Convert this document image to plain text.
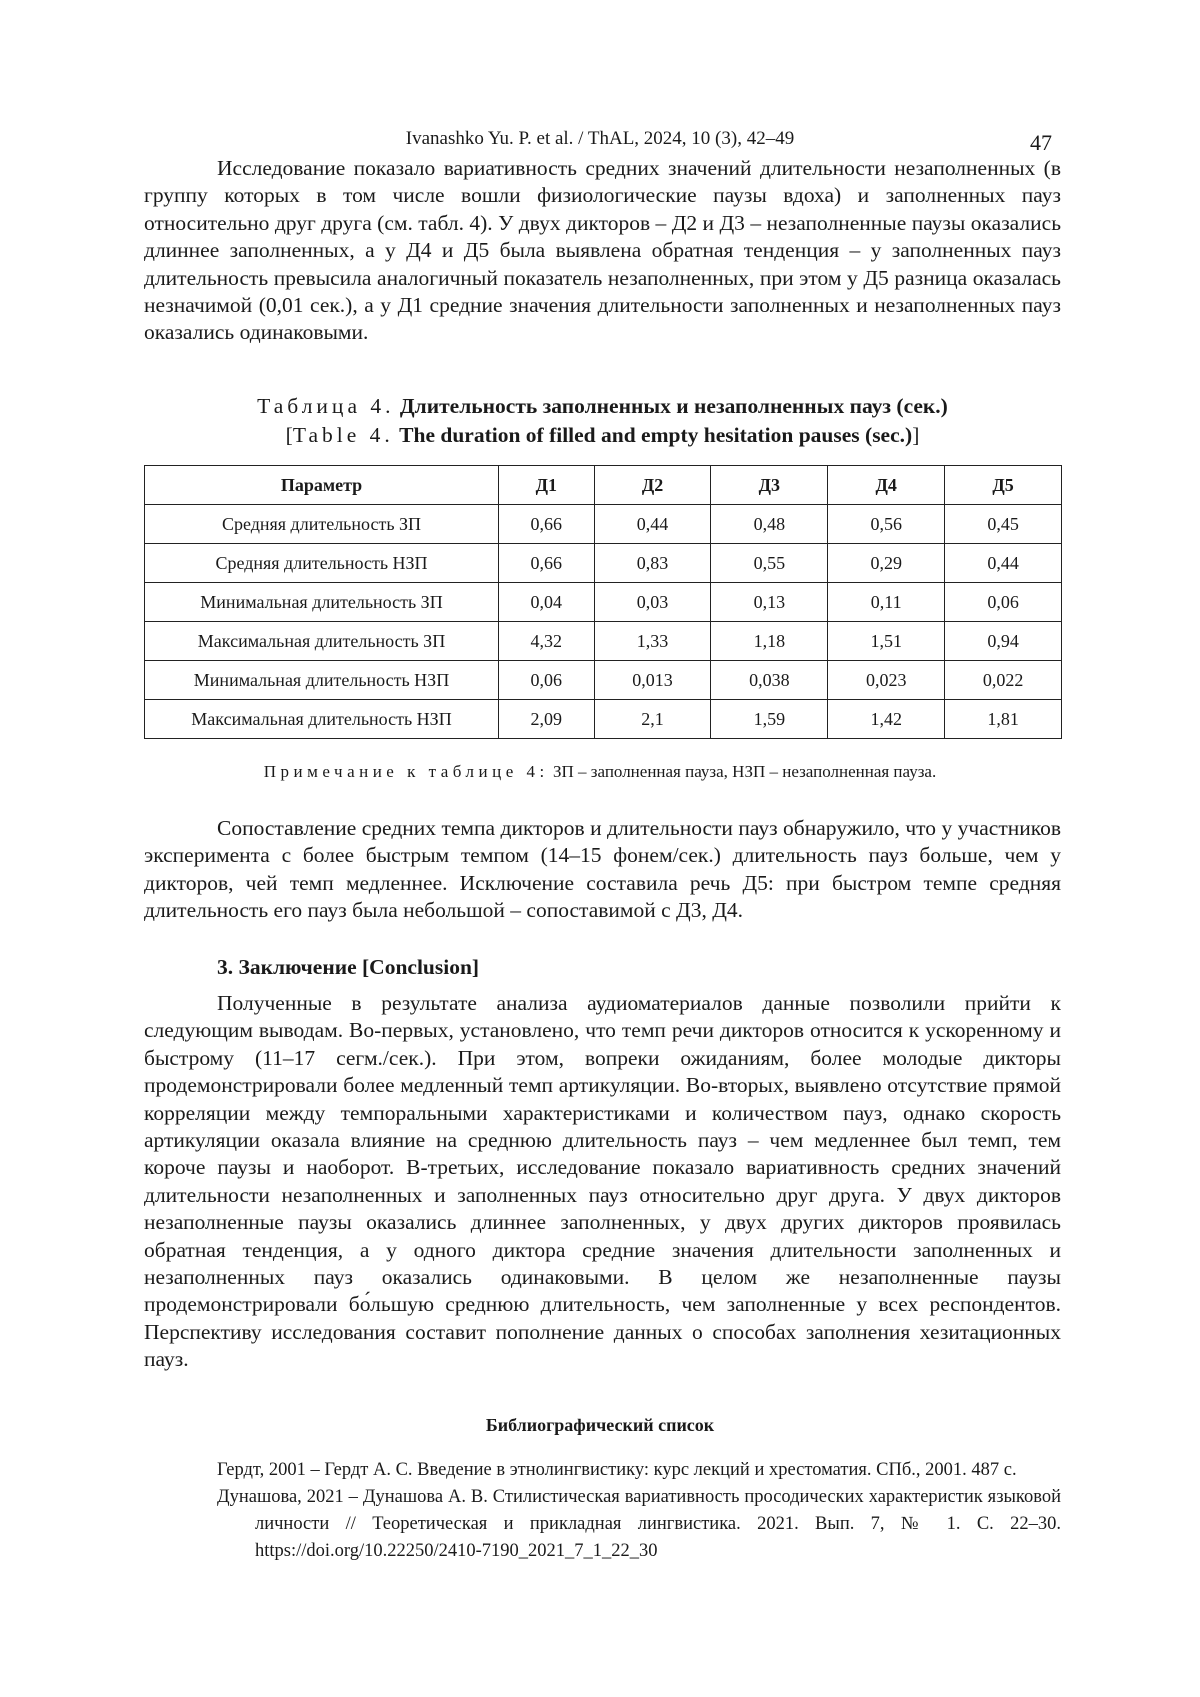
Ivanashko Yu. P. et al. / ThAL, 2024, 10 (3), 42–49	47

Исследование показало вариативность средних значений длительности незаполненных (в группу которых в том числе вошли физиологические паузы вдоха) и заполненных пауз относительно друг друга (см. табл. 4). У двух дикторов – Д2 и Д3 – незаполненные паузы оказались длиннее заполненных, а у Д4 и Д5 была выявлена обратная тенденция – у заполненных пауз длительность превысила аналогичный показатель незаполненных, при этом у Д5 разница оказалась незначимой (0,01 сек.), а у Д1 средние значения длительности заполненных и незаполненных пауз оказались одинаковыми.

Таблица 4. Длительность заполненных и незаполненных пауз (сек.)
[Table 4. The duration of filled and empty hesitation pauses (sec.)]
Параметр	Д1	Д2	Д3	Д4	Д5
Средняя длительность ЗП	0,66	0,44	0,48	0,56	0,45
Средняя длительность НЗП	0,66	0,83	0,55	0,29	0,44
Минимальная длительность ЗП	0,04	0,03	0,13	0,11	0,06
Максимальная длительность ЗП	4,32	1,33	1,18	1,51	0,94
Минимальная длительность НЗП	0,06	0,013	0,038	0,023	0,022
Максимальная длительность НЗП	2,09	2,1	1,59	1,42	1,81
Примечание к таблице 4: ЗП – заполненная пауза, НЗП – незаполненная пауза.

Сопоставление средних темпа дикторов и длительности пауз обнаружило, что у участников эксперимента с более быстрым темпом (14–15 фонем/сек.) длительность пауз больше, чем у дикторов, чей темп медленнее. Исключение составила речь Д5: при быстром темпе средняя длительность его пауз была небольшой – сопоставимой с Д3, Д4.

3. Заключение [Conclusion]

Полученные в результате анализа аудиоматериалов данные позволили прийти к следующим выводам. Во-первых, установлено, что темп речи дикторов относится к ускоренному и быстрому (11–17 сегм./сек.). При этом, вопреки ожиданиям, более молодые дикторы продемонстрировали более медленный темп артикуляции. Во-вторых, выявлено отсутствие прямой корреляции между темпоральными характеристиками и количеством пауз, однако скорость артикуляции оказала влияние на среднюю длительность пауз – чем медленнее был темп, тем короче паузы и наоборот. В-третьих, исследование показало вариативность средних значений длительности незаполненных и заполненных пауз относительно друг друга. У двух дикторов незаполненные паузы оказались длиннее заполненных, у двух других дикторов проявилась обратная тенденция, а у одного диктора средние значения длительности заполненных и незаполненных пауз оказались одинаковыми. В целом же незаполненные паузы продемонстрировали бо́льшую среднюю длительность, чем заполненные у всех респондентов. Перспективу исследования составит пополнение данных о способах заполнения хезитационных пауз.

Библиографический список
Гердт, 2001 – Гердт А. С. Введение в этнолингвистику: курс лекций и хрестоматия. СПб., 2001. 487 с.
Дунашова, 2021 – Дунашова А. В. Стилистическая вариативность просодических характеристик языковой личности // Теоретическая и прикладная лингвистика. 2021. Вып. 7, № 1. С. 22–30. https://doi.org/10.22250/2410-7190_2021_7_1_22_30
